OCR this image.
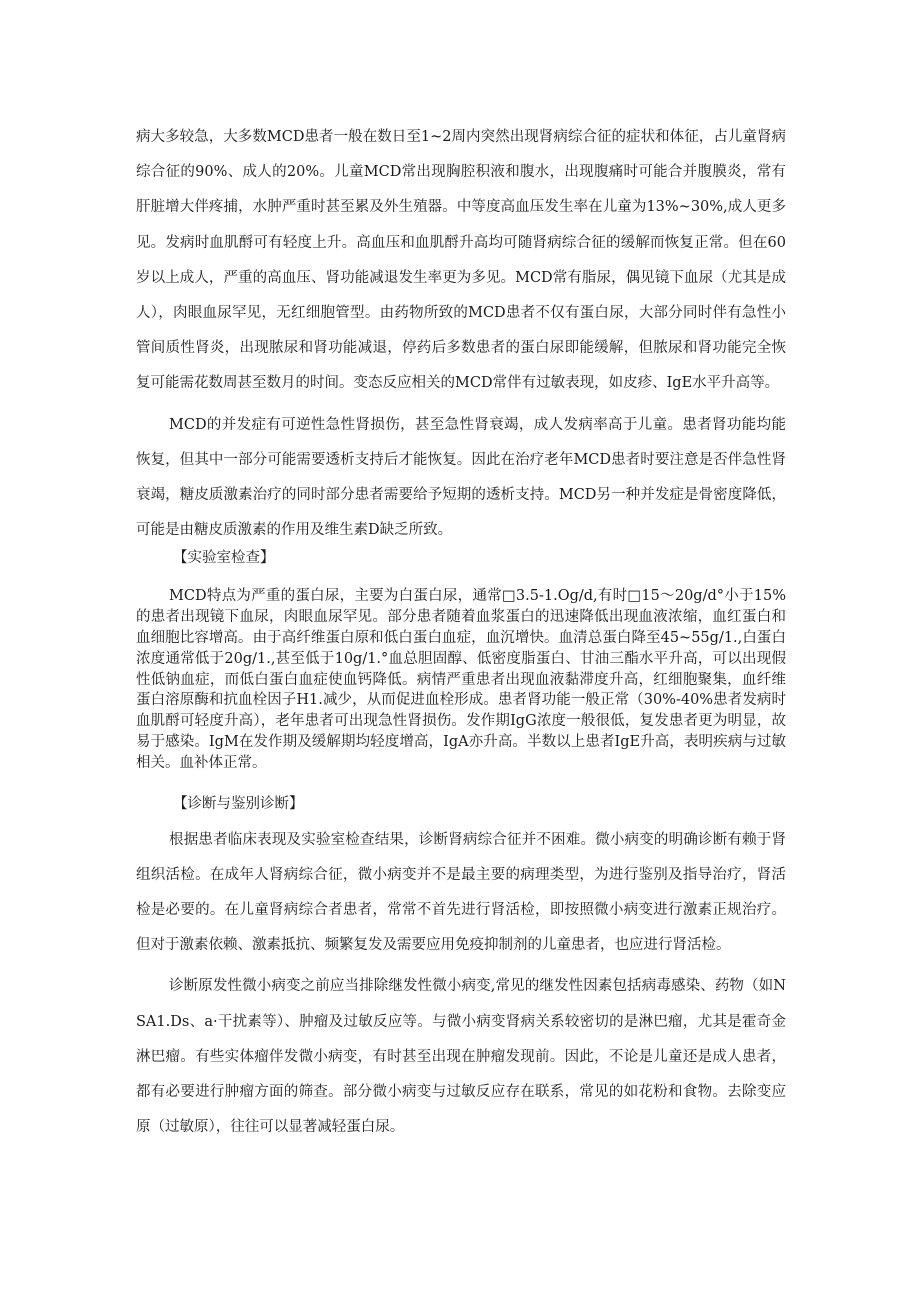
病大多较急，大多数MCD患者一般在数日至1~2周内突然出现肾病综合征的症状和体征，占儿童肾病综合征的90%、成人的20%。儿童MCD常出现胸腔积液和腹水，出现腹痛时可能合并腹膜炎，常有肝脏增大伴疼捕，水肿严重时甚至累及外生殖器。中等度高血压发生率在儿童为13%~30%,成人更多见。发病时血肌酹可有轻度上升。高血压和血肌酹升高均可随肾病综合征的缓解而恢复正常。但在60岁以上成人，严重的高血压、肾功能减退发生率更为多见。MCD常有脂尿，偶见镜下血尿（尤其是成人），肉眼血尿罕见，无红细胞管型。由药物所致的MCD患者不仅有蛋白尿，大部分同时伴有急性小管间质性肾炎，出现脓尿和肾功能减退，停药后多数患者的蛋白尿即能缓解，但脓尿和肾功能完全恢复可能需花数周甚至数月的时间。变态反应相关的MCD常伴有过敏表现，如皮疹、IgE水平升高等。

MCD的并发症有可逆性急性肾损伤，甚至急性肾衰竭，成人发病率高于儿童。患者肾功能均能恢复，但其中一部分可能需要透析支持后才能恢复。因此在治疗老年MCD患者时要注意是否伴急性肾衰竭，糖皮质激素治疗的同时部分患者需要给予短期的透析支持。MCD另一种并发症是骨密度降低，可能是由糖皮质激素的作用及维生素D缺乏所致。

【实验室检查】

MCD特点为严重的蛋白尿，主要为白蛋白尿，通常□3.5-1.Og/d,有时□15～20g/d°小于15%的患者出现镜下血尿，肉眼血尿罕见。部分患者随着血浆蛋白的迅速降低出现血液浓缩，血红蛋白和血细胞比容增高。由于高纤维蛋白原和低白蛋白血症，血沉增快。血清总蛋白降至45~55g/1.,白蛋白浓度通常低于20g/1.,甚至低于10g/1.°血总胆固醇、低密度脂蛋白、甘油三酯水平升高，可以出现假性低钠血症，而低白蛋白血症使血钙降低。病情严重患者出现血液黏滞度升高，红细胞聚集，血纤维蛋白溶原酶和抗血栓因子H1.减少，从而促进血栓形成。患者肾功能一般正常（30%-40%患者发病时血肌酹可轻度升高），老年患者可出现急性肾损伤。发作期IgG浓度一般很低，复发患者更为明显，故易于感染。IgM在发作期及缓解期均轻度增高，IgA亦升高。半数以上患者IgE升高，表明疾病与过敏相关。血补体正常。

【诊断与鉴别诊断】

根据患者临床表现及实验室检查结果，诊断肾病综合征并不困难。微小病变的明确诊断有赖于肾组织活检。在成年人肾病综合征，微小病变并不是最主要的病理类型，为进行鉴别及指导治疗，肾活检是必要的。在儿童肾病综合者患者，常常不首先进行肾活检，即按照微小病变进行激素正规治疗。但对于激素依赖、激素抵抗、频繁复发及需要应用免疫抑制剂的儿童患者，也应进行肾活检。

诊断原发性微小病变之前应当排除继发性微小病变,常见的继发性因素包括病毒感染、药物（如NSA1.Ds、a·干扰素等）、肿瘤及过敏反应等。与微小病变肾病关系较密切的是淋巴瘤，尤其是霍奇金淋巴瘤。有些实体瘤伴发微小病变，有时甚至出现在肿瘤发现前。因此，不论是儿童还是成人患者，都有必要进行肿瘤方面的筛查。部分微小病变与过敏反应存在联系，常见的如花粉和食物。去除变应原（过敏原），往往可以显著减轻蛋白尿。
